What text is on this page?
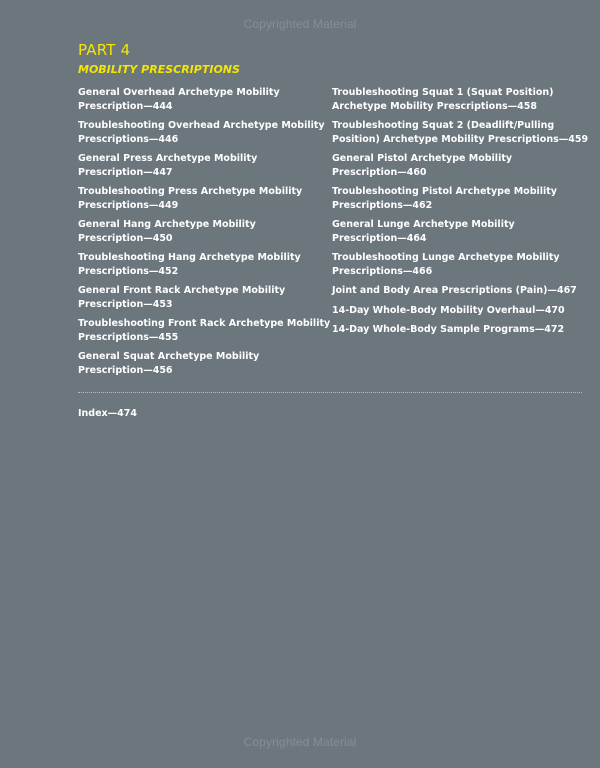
Copyrighted Material
PART 4
MOBILITY PRESCRIPTIONS
General Overhead Archetype Mobility
Prescription—444
Troubleshooting Overhead Archetype Mobility
Prescriptions—446
General Press Archetype Mobility
Prescription—447
Troubleshooting Press Archetype Mobility
Prescriptions—449
General Hang Archetype Mobility
Prescription—450
Troubleshooting Hang Archetype Mobility
Prescriptions—452
General Front Rack Archetype Mobility
Prescription—453
Troubleshooting Front Rack Archetype Mobility
Prescriptions—455
General Squat Archetype Mobility
Prescription—456
Troubleshooting Squat 1 (Squat Position)
Archetype Mobility Prescriptions—458
Troubleshooting Squat 2 (Deadlift/Pulling
Position) Archetype Mobility Prescriptions—459
General Pistol Archetype Mobility
Prescription—460
Troubleshooting Pistol Archetype Mobility
Prescriptions—462
General Lunge Archetype Mobility
Prescription—464
Troubleshooting Lunge Archetype Mobility
Prescriptions—466
Joint and Body Area Prescriptions (Pain)—467
14-Day Whole-Body Mobility Overhaul—470
14-Day Whole-Body Sample Programs—472

Index—474

Copyrighted Material
